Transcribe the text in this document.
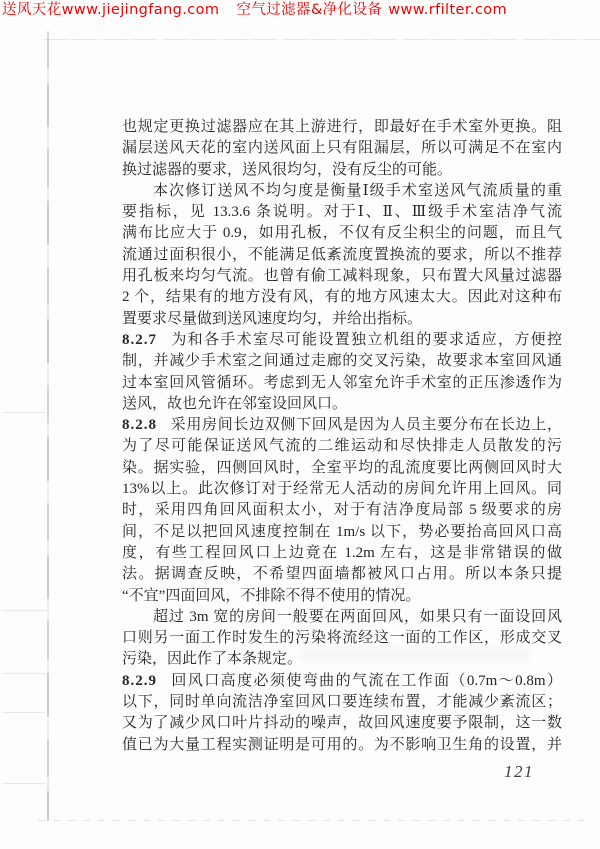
送风天花www.jiejingfang.com 空气过滤器&净化设备 www.rfilter.com
也规定更换过滤器应在其上游进行，即最好在手术室外更换。阻
漏层送风天花的室内送风面上只有阻漏层，所以可满足不在室内
换过滤器的要求，送风很均匀，没有反尘的可能。
本次修订送风不均匀度是衡量Ⅰ级手术室送风气流质量的重
要指标，见 13.3.6 条说明。对于Ⅰ、Ⅱ、Ⅲ级手术室洁净气流
满布比应大于 0.9，如用孔板，不仅有反尘积尘的问题，而且气
流通过面积很小，不能满足低紊流度置换流的要求，所以不推荐
用孔板来均匀气流。也曾有偷工减料现象，只布置大风量过滤器
2 个，结果有的地方没有风，有的地方风速太大。因此对这种布
置要求尽量做到送风速度均匀，并给出指标。
8.2.7 为和各手术室尽可能设置独立机组的要求适应，方便控
制，并减少手术室之间通过走廊的交叉污染，故要求本室回风通
过本室回风管循环。考虑到无人邻室允许手术室的正压渗透作为
送风，故也允许在邻室设回风口。
8.2.8 采用房间长边双侧下回风是因为人员主要分布在长边上，
为了尽可能保证送风气流的二维运动和尽快排走人员散发的污
染。据实验，四侧回风时，全室平均的乱流度要比两侧回风时大
13%以上。此次修订对于经常无人活动的房间允许用上回风。同
时，采用四角回风面积太小，对于有洁净度局部 5 级要求的房
间，不足以把回风速度控制在 1m/s 以下，势必要抬高回风口高
度，有些工程回风口上边竟在 1.2m 左右，这是非常错误的做
法。据调查反映，不希望四面墙都被风口占用。所以本条只提
“不宜”四面回风，不排除不得不使用的情况。
超过 3m 宽的房间一般要在两面回风，如果只有一面设回风
口则另一面工作时发生的污染将流经这一面的工作区，形成交叉
污染，因此作了本条规定。
8.2.9 回风口高度必须使弯曲的气流在工作面（0.7m～0.8m）
以下，同时单向流洁净室回风口要连续布置，才能减少紊流区；
又为了减少风口叶片抖动的噪声，故回风速度要予限制，这一数
值已为大量工程实测证明是可用的。为不影响卫生角的设置，并
121
